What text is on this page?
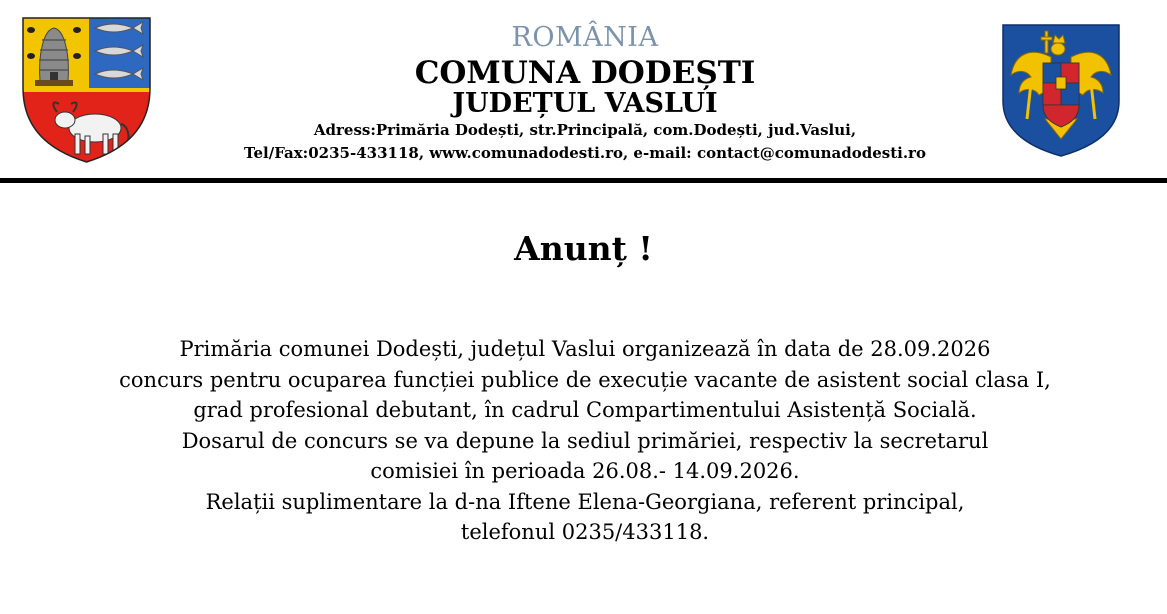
ROMÂNIA
COMUNA DODEȘTI
JUDEȚUL VASLUI
Adress:Primăria Dodești, str.Principală, com.Dodești, jud.Vaslui,
Tel/Fax:0235-433118, www.comunadodesti.ro, e-mail: contact@comunadodesti.ro
Anunț !
Primăria comunei Dodești, județul Vaslui organizează în data de 28.09.2026
concurs pentru ocuparea funcției publice de execuție vacante de asistent social clasa I,
grad profesional debutant, în cadrul Compartimentului Asistență Socială.
Dosarul de concurs se va depune la sediul primăriei, respectiv la secretarul
comisiei în perioada 26.08.- 14.09.2026.
Relații suplimentare la d-na Iftene Elena-Georgiana, referent principal,
telefonul 0235/433118.
